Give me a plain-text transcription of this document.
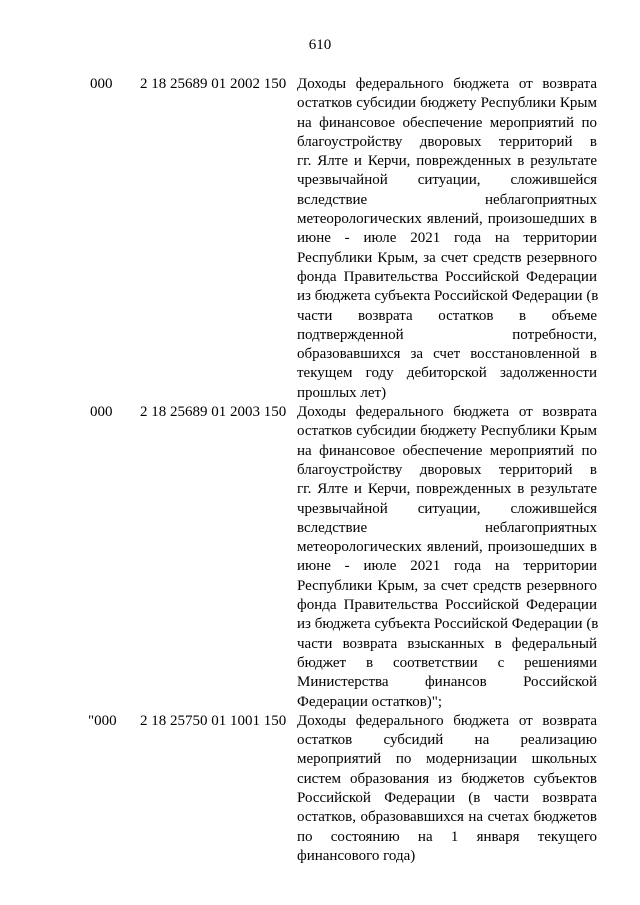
610
000 2 18 25689 01 2002 150 Доходы федерального бюджета от возврата
остатков субсидии бюджету Республики Крым
на финансовое обеспечение мероприятий по
благоустройству дворовых территорий в
гг. Ялте и Керчи, поврежденных в результате
чрезвычайной ситуации, сложившейся
вследствие неблагоприятных
метеорологических явлений, произошедших в
июне - июле 2021 года на территории
Республики Крым, за счет средств резервного
фонда Правительства Российской Федерации
из бюджета субъекта Российской Федерации (в
части возврата остатков в объеме
подтвержденной потребности,
образовавшихся за счет восстановленной в
текущем году дебиторской задолженности
прошлых лет)
000 2 18 25689 01 2003 150 Доходы федерального бюджета от возврата
остатков субсидии бюджету Республики Крым
на финансовое обеспечение мероприятий по
благоустройству дворовых территорий в
гг. Ялте и Керчи, поврежденных в результате
чрезвычайной ситуации, сложившейся
вследствие неблагоприятных
метеорологических явлений, произошедших в
июне - июле 2021 года на территории
Республики Крым, за счет средств резервного
фонда Правительства Российской Федерации
из бюджета субъекта Российской Федерации (в
части возврата взысканных в федеральный
бюджет в соответствии с решениями
Министерства финансов Российской
Федерации остатков)";
"000 2 18 25750 01 1001 150 Доходы федерального бюджета от возврата
остатков субсидий на реализацию
мероприятий по модернизации школьных
систем образования из бюджетов субъектов
Российской Федерации (в части возврата
остатков, образовавшихся на счетах бюджетов
по состоянию на 1 января текущего
финансового года)
